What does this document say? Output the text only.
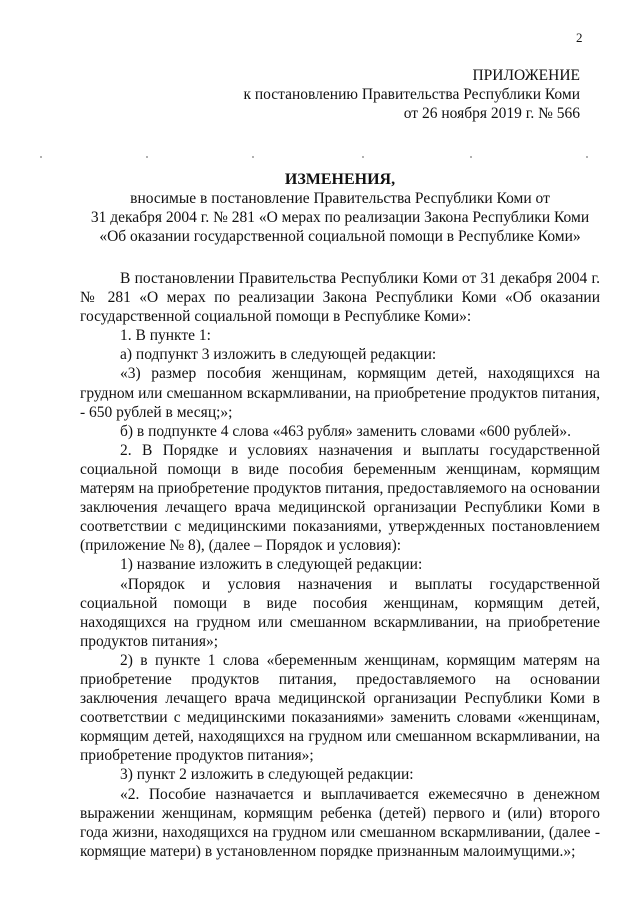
2
ПРИЛОЖЕНИЕ
к постановлению Правительства Республики Коми
от 26 ноября 2019 г. № 566
ИЗМЕНЕНИЯ,
вносимые в постановление Правительства Республики Коми от
31 декабря 2004 г. № 281 «О мерах по реализации Закона Республики Коми
«Об оказании государственной социальной помощи в Республике Коми»

В постановлении Правительства Республики Коми от 31 декабря 2004 г. № 281 «О мерах по реализации Закона Республики Коми «Об оказании государственной социальной помощи в Республике Коми»:

1. В пункте 1:

а) подпункт 3 изложить в следующей редакции:

«3) размер пособия женщинам, кормящим детей, находящихся на грудном или смешанном вскармливании, на приобретение продуктов питания, - 650 рублей в месяц;»;

б) в подпункте 4 слова «463 рубля» заменить словами «600 рублей».

2. В Порядке и условиях назначения и выплаты государственной социальной помощи в виде пособия беременным женщинам, кормящим матерям на приобретение продуктов питания, предоставляемого на основании заключения лечащего врача медицинской организации Республики Коми в соответствии с медицинскими показаниями, утвержденных постановлением (приложение № 8), (далее – Порядок и условия):

1) название изложить в следующей редакции:

«Порядок и условия назначения и выплаты государственной социальной помощи в виде пособия женщинам, кормящим детей, находящихся на грудном или смешанном вскармливании, на приобретение продуктов питания»;

2) в пункте 1 слова «беременным женщинам, кормящим матерям на приобретение продуктов питания, предоставляемого на основании заключения лечащего врача медицинской организации Республики Коми в соответствии с медицинскими показаниями» заменить словами «женщинам, кормящим детей, находящихся на грудном или смешанном вскармливании, на приобретение продуктов питания»;

3) пункт 2 изложить в следующей редакции:

«2. Пособие назначается и выплачивается ежемесячно в денежном выражении женщинам, кормящим ребенка (детей) первого и (или) второго года жизни, находящихся на грудном или смешанном вскармливании, (далее - кормящие матери) в установленном порядке признанным малоимущими.»;
